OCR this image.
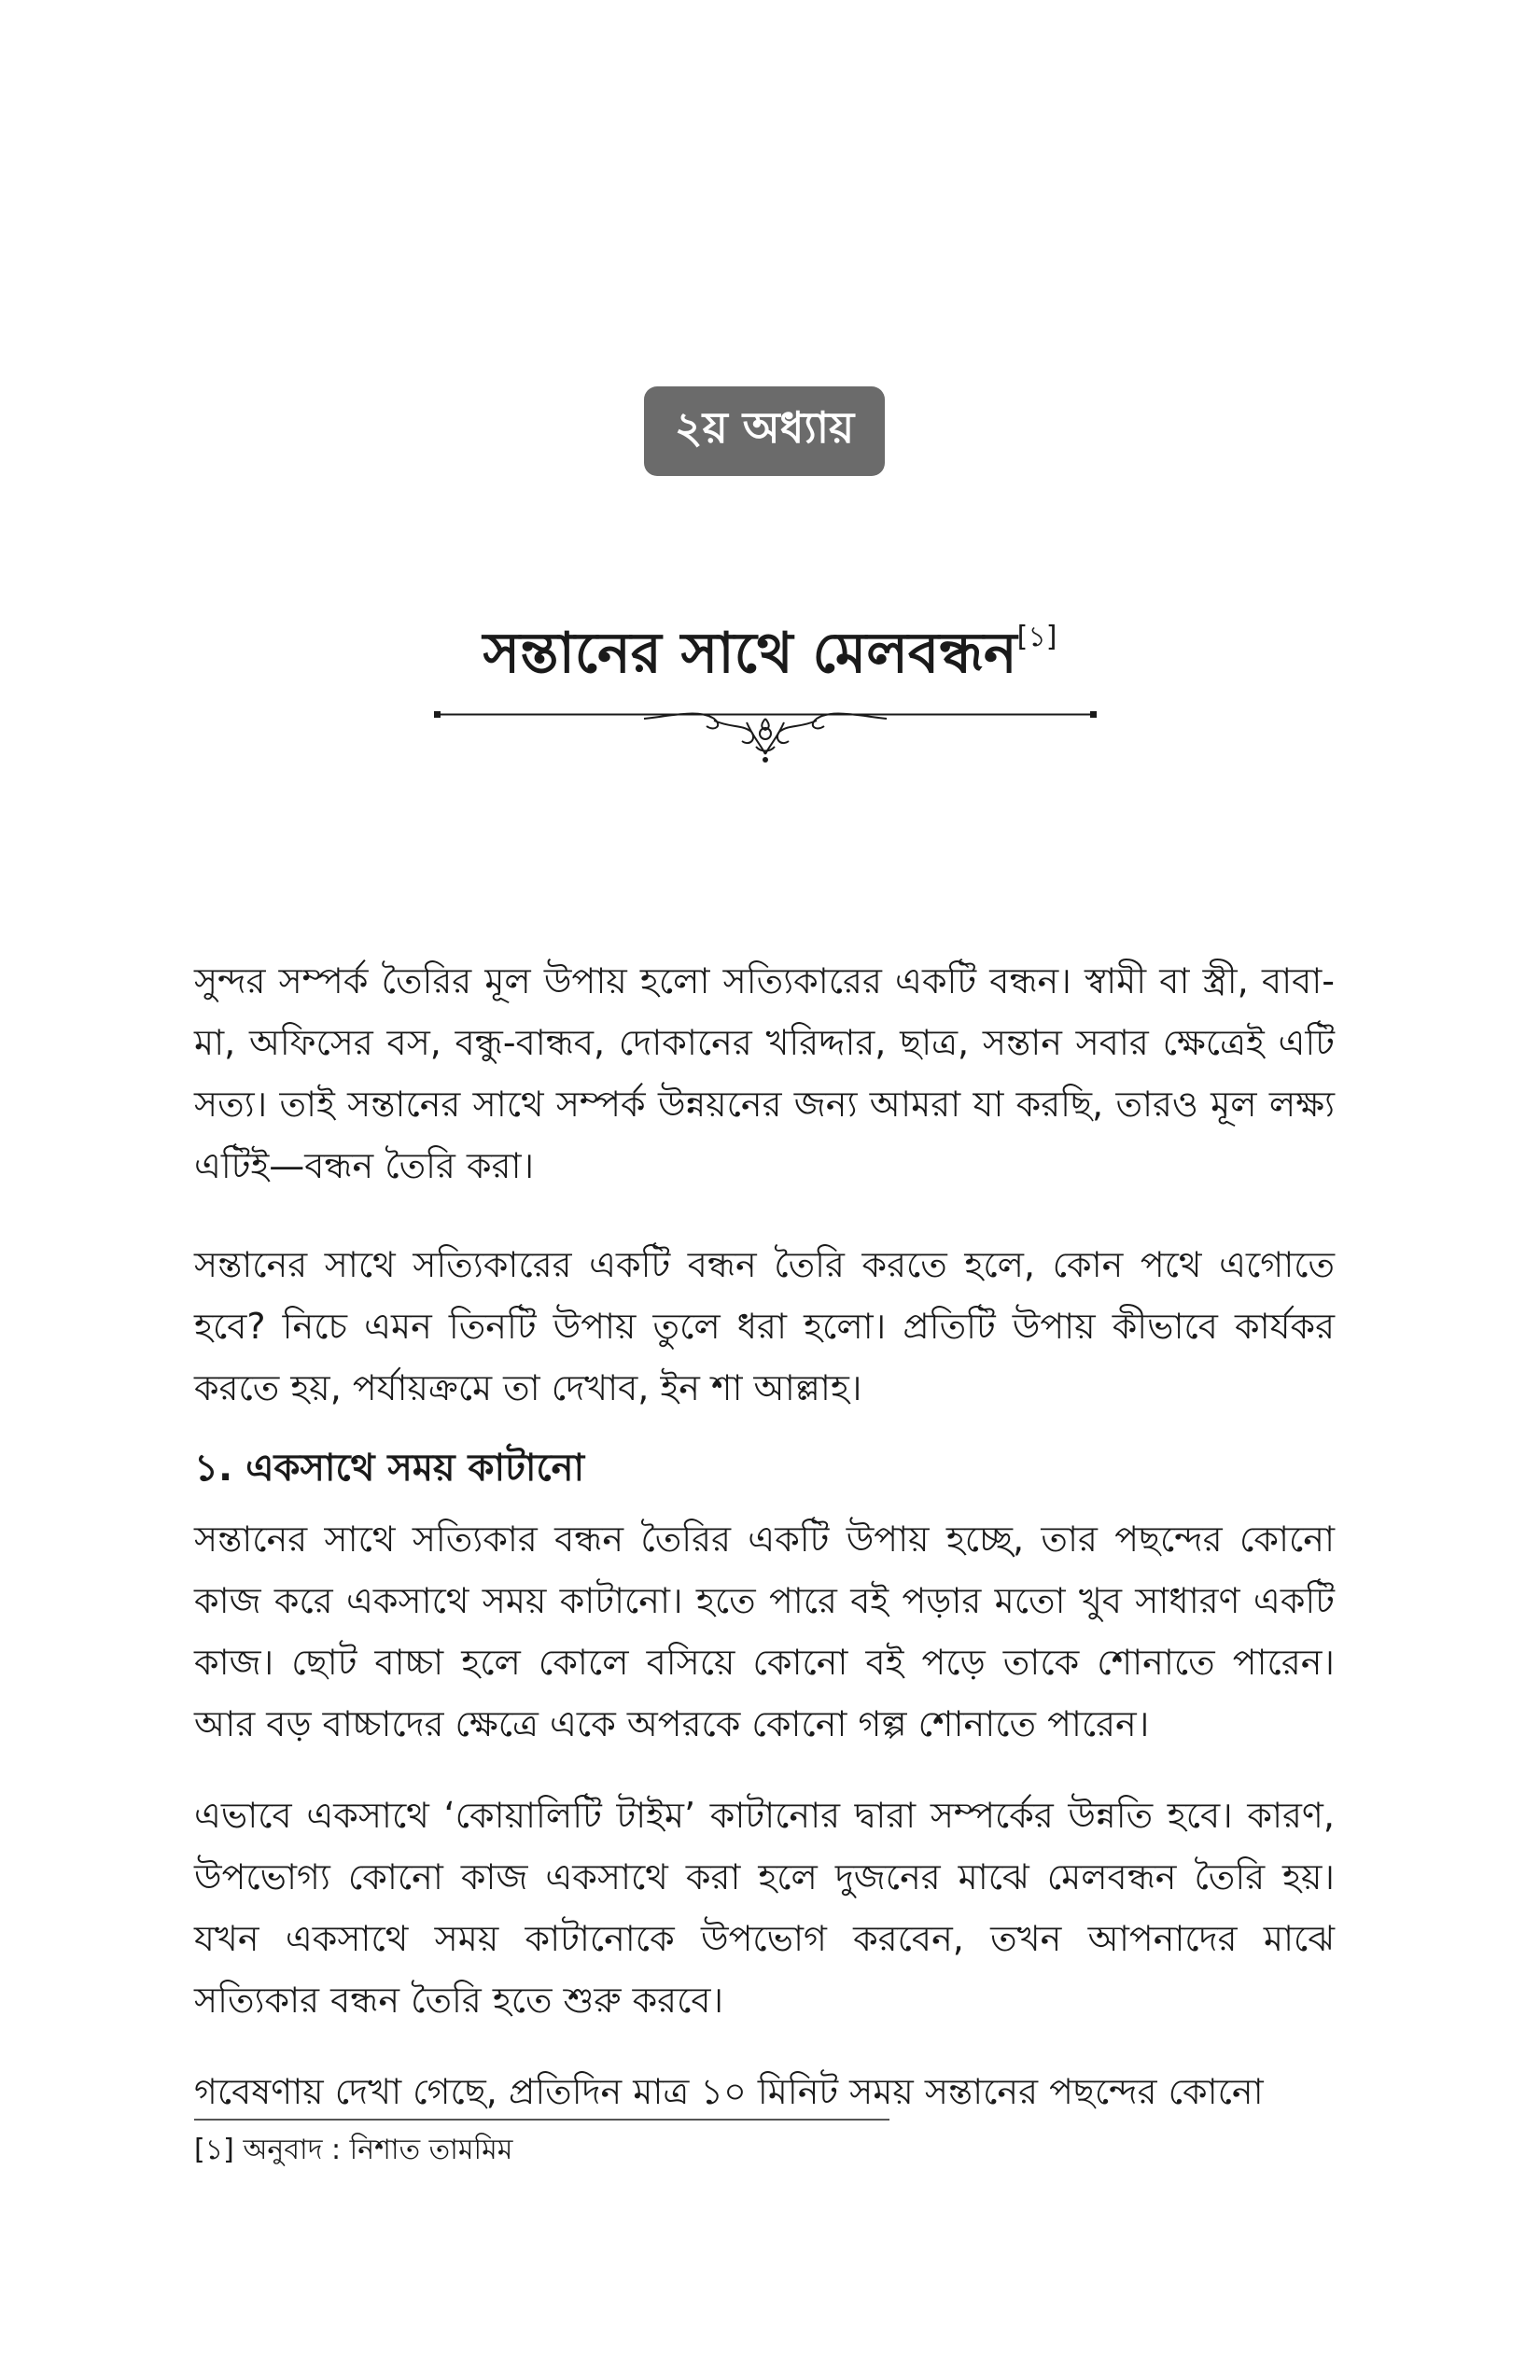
২য় অধ্যায়
সন্তানের সাথে মেলবন্ধন[১]

সুন্দর সম্পর্ক তৈরির মূল উপায় হলো সত্যিকারের একটি বন্ধন। স্বামী বা স্ত্রী, বাবা-মা, অফিসের বস, বন্ধু-বান্ধব, দোকানের খরিদ্দার, ছাত্র, সন্তান সবার ক্ষেত্রেই এটি সত্য। তাই সন্তানের সাথে সম্পর্ক উন্নয়নের জন্য আমরা যা করছি, তারও মূল লক্ষ্য এটিই—বন্ধন তৈরি করা।

সন্তানের সাথে সত্যিকারের একটি বন্ধন তৈরি করতে হলে, কোন পথে এগোতে হবে? নিচে এমন তিনটি উপায় তুলে ধরা হলো। প্রতিটি উপায় কীভাবে কার্যকর করতে হয়, পর্যায়ক্রমে তা দেখাব, ইন শা আল্লাহ।

১. একসাথে সময় কাটানো

সন্তানের সাথে সত্যিকার বন্ধন তৈরির একটি উপায় হচ্ছে, তার পছন্দের কোনো কাজ করে একসাথে সময় কাটানো। হতে পারে বই পড়ার মতো খুব সাধারণ একটি কাজ। ছোট বাচ্চা হলে কোলে বসিয়ে কোনো বই পড়ে তাকে শোনাতে পারেন। আর বড় বাচ্চাদের ক্ষেত্রে একে অপরকে কোনো গল্প শোনাতে পারেন।

এভাবে একসাথে ‘কোয়ালিটি টাইম’ কাটানোর দ্বারা সম্পর্কের উন্নতি হবে। কারণ, উপভোগ্য কোনো কাজ একসাথে করা হলে দুজনের মাঝে মেলবন্ধন তৈরি হয়। যখন একসাথে সময় কাটানোকে উপভোগ করবেন, তখন আপনাদের মাঝে সত্যিকার বন্ধন তৈরি হতে শুরু করবে।

গবেষণায় দেখা গেছে, প্রতিদিন মাত্র ১০ মিনিট সময় সন্তানের পছন্দের কোনো

[১] অনুবাদ : নিশাত তামমিম
